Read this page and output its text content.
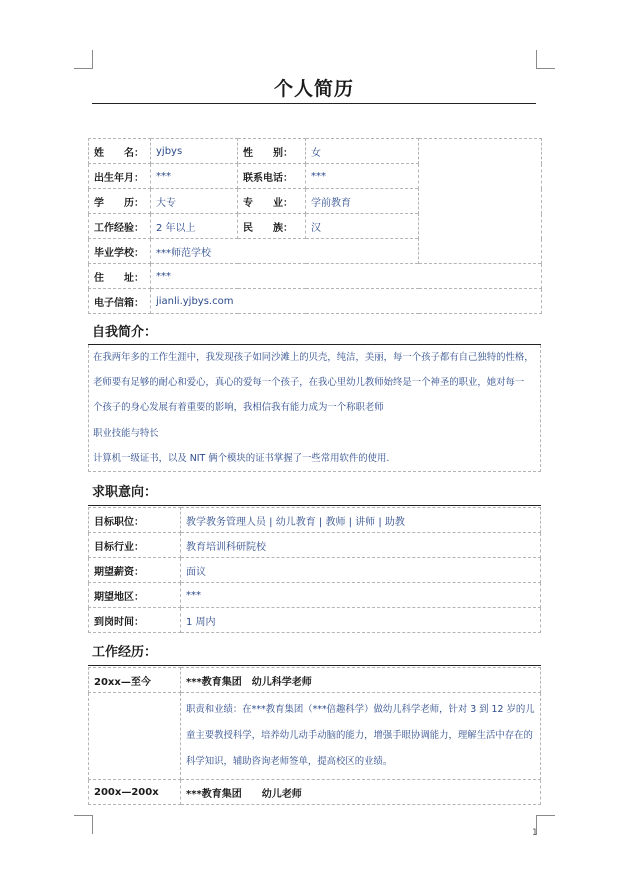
个人简历
姓　　名：	yjbys	性　　别：	女	
出生年月：	***	联系电话：	***	
学　　历：	大专	专　　业：	学前教育	
工作经验：	2 年以上	民　　族：	汉	
毕业学校：	***师范学校			
住　　址：	***			
电子信箱：	jianli.yjbys.com			
自我简介：
在我两年多的工作生涯中，我发现孩子如同沙滩上的贝壳，纯洁，美丽，每一个孩子都有自己独特的性格，
老师要有足够的耐心和爱心，真心的爱每一个孩子，在我心里幼儿教师始终是一个神圣的职业，她对每一
个孩子的身心发展有着重要的影响，我相信我有能力成为一个称职老师
职业技能与特长
计算机一级证书，以及 NIT 俩个模块的证书掌握了一些常用软件的使用.
求职意向：
目标职位：	教学教务管理人员 | 幼儿教育 | 教师 | 讲师 | 助教
目标行业：	教育培训科研院校
期望薪资：	面议
期望地区：	***
到岗时间：	1 周内
工作经历：
20xx—至今	***教育集团　幼儿科学老师
	职责和业绩：在***教育集团（***倍趣科学）做幼儿科学老师，针对 3 到 12 岁的儿童主要教授科学，培养幼儿动手动脑的能力，增强手眼协调能力，理解生活中存在的科学知识，辅助咨询老师签单，提高校区的业绩。
200x—200x	***教育集团　　幼儿老师
1
